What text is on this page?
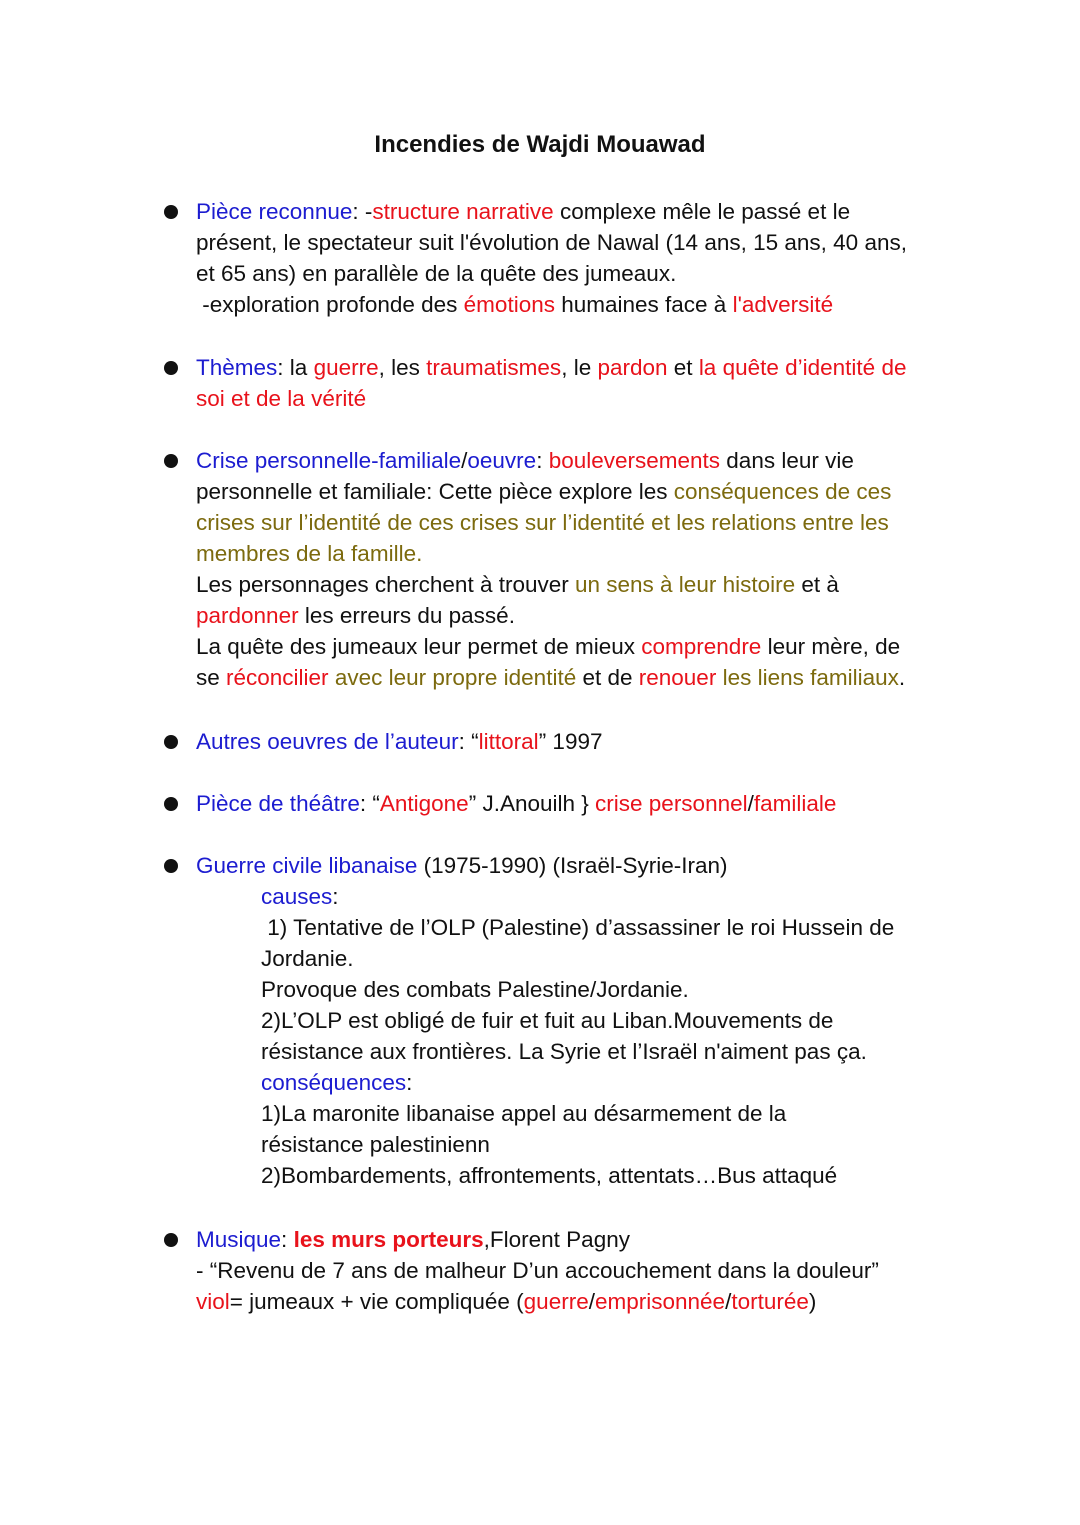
Incendies de Wajdi Mouawad
Pièce reconnue: -structure narrative complexe mêle le passé et le
présent, le spectateur suit l'évolution de Nawal (14 ans, 15 ans, 40 ans,
et 65 ans) en parallèle de la quête des jumeaux.
-exploration profonde des émotions humaines face à l'adversité
Thèmes: la guerre, les traumatismes, le pardon et la quête d’identité de
soi et de la vérité
Crise personnelle-familiale/oeuvre: bouleversements dans leur vie
personnelle et familiale: Cette pièce explore les conséquences de ces
crises sur l’identité de ces crises sur l’identité et les relations entre les
membres de la famille.
Les personnages cherchent à trouver un sens à leur histoire et à
pardonner les erreurs du passé.
La quête des jumeaux leur permet de mieux comprendre leur mère, de
se réconcilier avec leur propre identité et de renouer les liens familiaux.
Autres oeuvres de l’auteur: “littoral” 1997
Pièce de théâtre: “Antigone” J.Anouilh } crise personnel/familiale
Guerre civile libanaise (1975-1990) (Israël-Syrie-Iran)
causes:
1) Tentative de l’OLP (Palestine) d’assassiner le roi Hussein de
Jordanie.
Provoque des combats Palestine/Jordanie.
2)L’OLP est obligé de fuir et fuit au Liban.Mouvements de
résistance aux frontières. La Syrie et l’Israël n'aiment pas ça.
conséquences:
1)La maronite libanaise appel au désarmement de la
résistance palestinienn
2)Bombardements, affrontements, attentats…Bus attaqué
Musique: les murs porteurs,Florent Pagny
- “Revenu de 7 ans de malheur D’un accouchement dans la douleur”
viol= jumeaux + vie compliquée (guerre/emprisonnée/torturée)
